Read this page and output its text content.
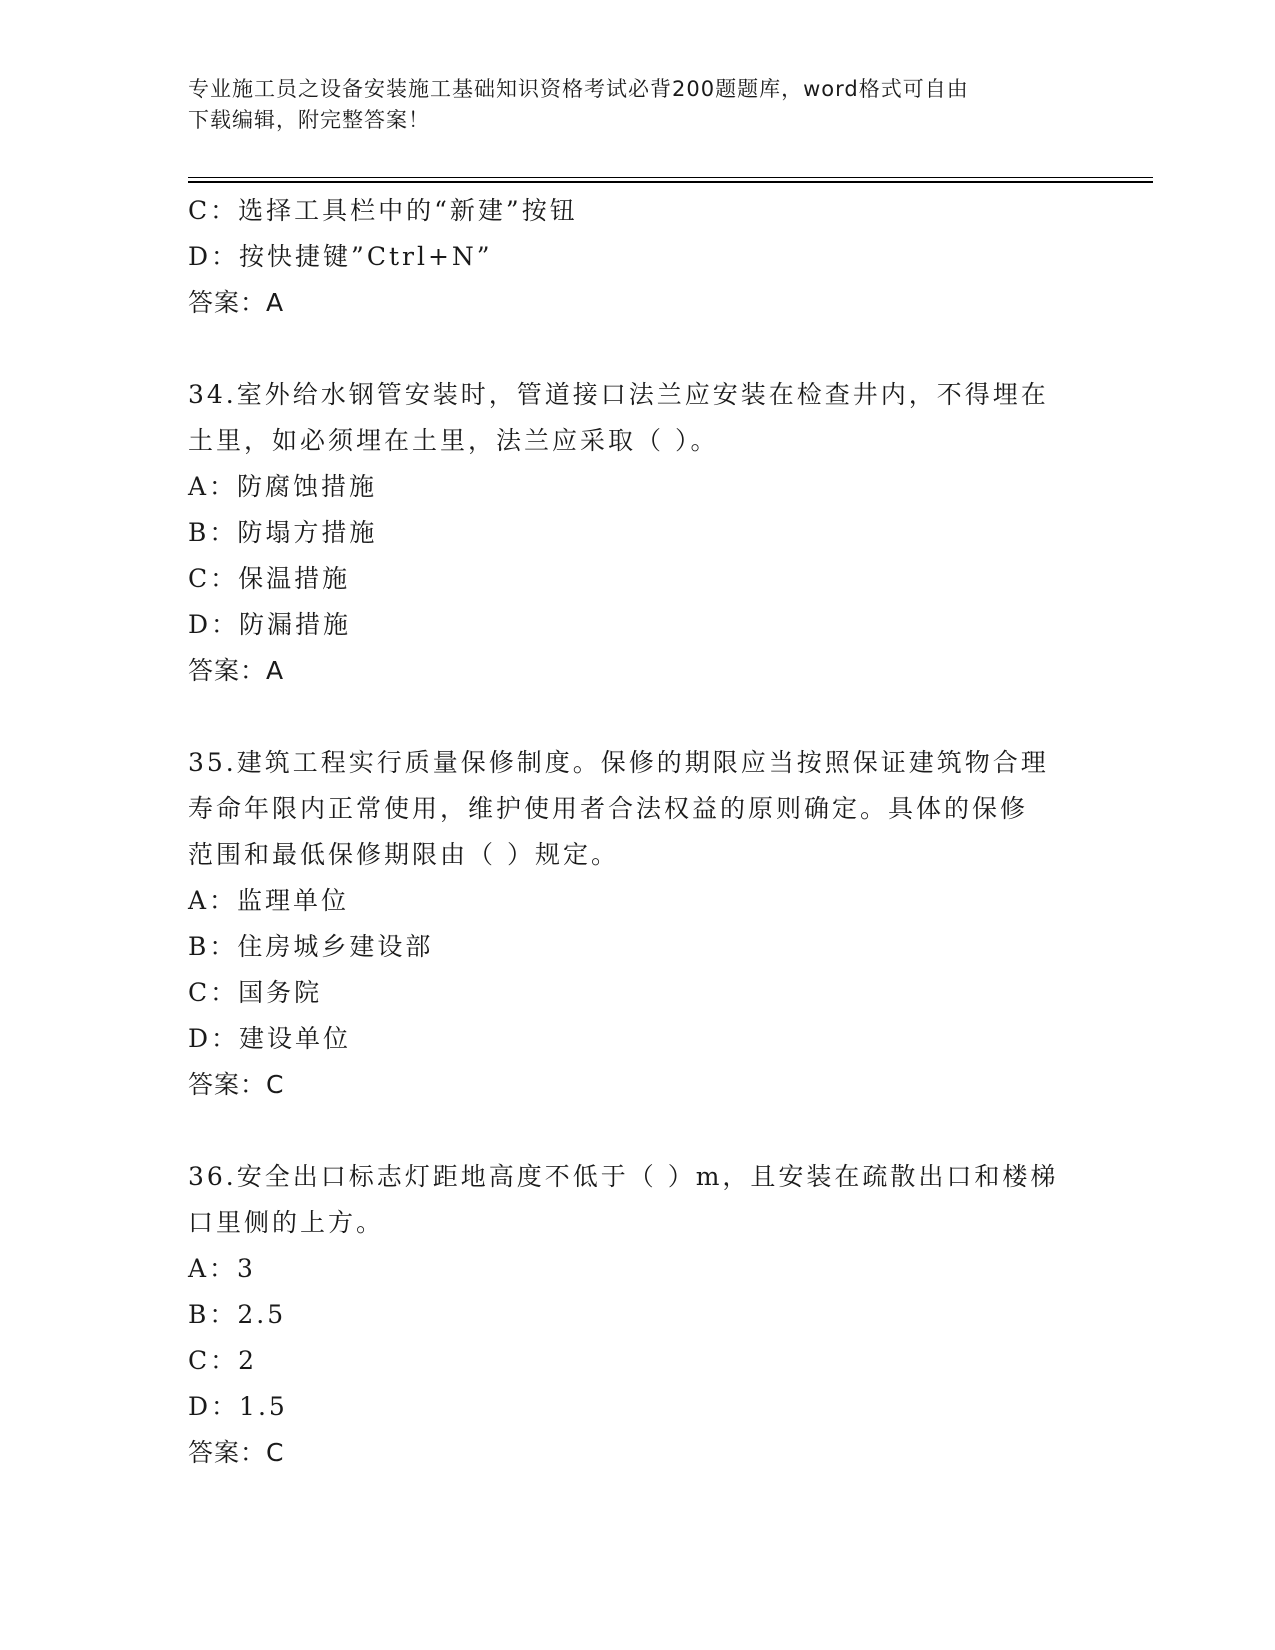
专业施工员之设备安装施工基础知识资格考试必背200题题库，word格式可自由
下载编辑，附完整答案！
C：选择工具栏中的“新建”按钮
D：按快捷键”Ctrl+N”
答案：A
34.室外给水钢管安装时，管道接口法兰应安装在检查井内，不得埋在
土里，如必须埋在土里，法兰应采取（ ）。
A：防腐蚀措施
B：防塌方措施
C：保温措施
D：防漏措施
答案：A
35.建筑工程实行质量保修制度。保修的期限应当按照保证建筑物合理
寿命年限内正常使用，维护使用者合法权益的原则确定。具体的保修
范围和最低保修期限由（ ）规定。
A：监理单位
B：住房城乡建设部
C：国务院
D：建设单位
答案：C
36.安全出口标志灯距地高度不低于（ ）m，且安装在疏散出口和楼梯
口里侧的上方。
A：3
B：2.5
C：2
D：1.5
答案：C
